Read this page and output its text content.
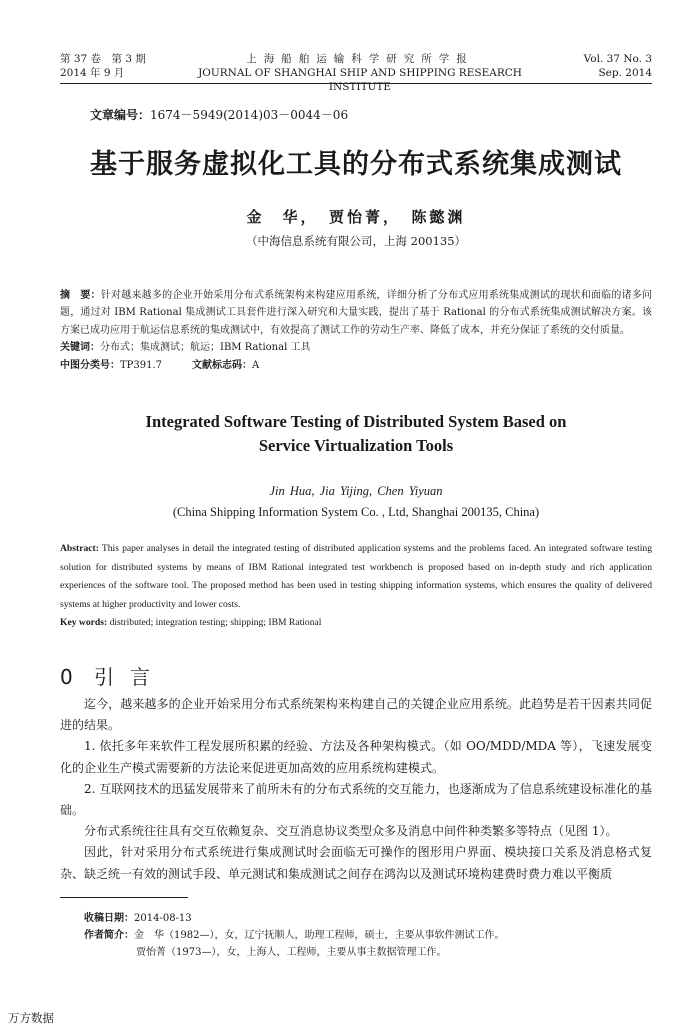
第 37 卷　第 3 期
2014 年 9 月
上海船舶运输科学研究所学报
JOURNAL OF SHANGHAI SHIP AND SHIPPING RESEARCH INSTITUTE
Vol. 37 No. 3
Sep. 2014
文章编号：1674－5949(2014)03－0044－06
基于服务虚拟化工具的分布式系统集成测试
金　华，　贾怡菁，　陈懿渊
（中海信息系统有限公司，上海 200135）

摘　要：针对越来越多的企业开始采用分布式系统架构来构建应用系统，详细分析了分布式应用系统集成测试的现状和面临的诸多问题，通过对 IBM Rational 集成测试工具套件进行深入研究和大量实践，提出了基于 Rational 的分布式系统集成测试解决方案。该方案已成功应用于航运信息系统的集成测试中，有效提高了测试工作的劳动生产率、降低了成本，并充分保证了系统的交付质量。

关键词：分布式；集成测试；航运；IBM Rational 工具

中图分类号：TP391.7　　　	文献标志码：A

Integrated Software Testing of Distributed System Based on
Service Virtualization Tools
Jin Hua, Jia Yijing, Chen Yiyuan
(China Shipping Information System Co. , Ltd, Shanghai 200135, China)

Abstract: This paper analyses in detail the integrated testing of distributed application systems and the problems faced. An integrated software testing solution for distributed systems by means of IBM Rational integrated test workbench is proposed based on in-depth study and rich application experiences of the software tool. The proposed method has been used in testing shipping information systems, which ensures the quality of delivered systems at higher productivity and lower costs.

Key words: distributed; integration testing; shipping; IBM Rational

0 引言

迄今，越来越多的企业开始采用分布式系统架构来构建自己的关键企业应用系统。此趋势是若干因素共同促进的结果。

1. 依托多年来软件工程发展所积累的经验、方法及各种架构模式。（如 OO/MDD/MDA 等），飞速发展变化的企业生产模式需要新的方法论来促进更加高效的应用系统构建模式。

2. 互联网技术的迅猛发展带来了前所未有的分布式系统的交互能力，也逐渐成为了信息系统建设标准化的基础。

分布式系统往往具有交互依赖复杂、交互消息协议类型众多及消息中间件种类繁多等特点（见图 1）。

因此，针对采用分布式系统进行集成测试时会面临无可操作的图形用户界面、模块接口关系及消息格式复杂、缺乏统一有效的测试手段、单元测试和集成测试之间存在鸿沟以及测试环境构建费时费力难以平衡质

收稿日期：2014-08-13

作者简介：金　华（1982—），女，辽宁抚顺人，助理工程师，硕士，主要从事软件测试工作。

贾怡菁（1973—），女，上海人，工程师，主要从事主数据管理工作。

万方数据
